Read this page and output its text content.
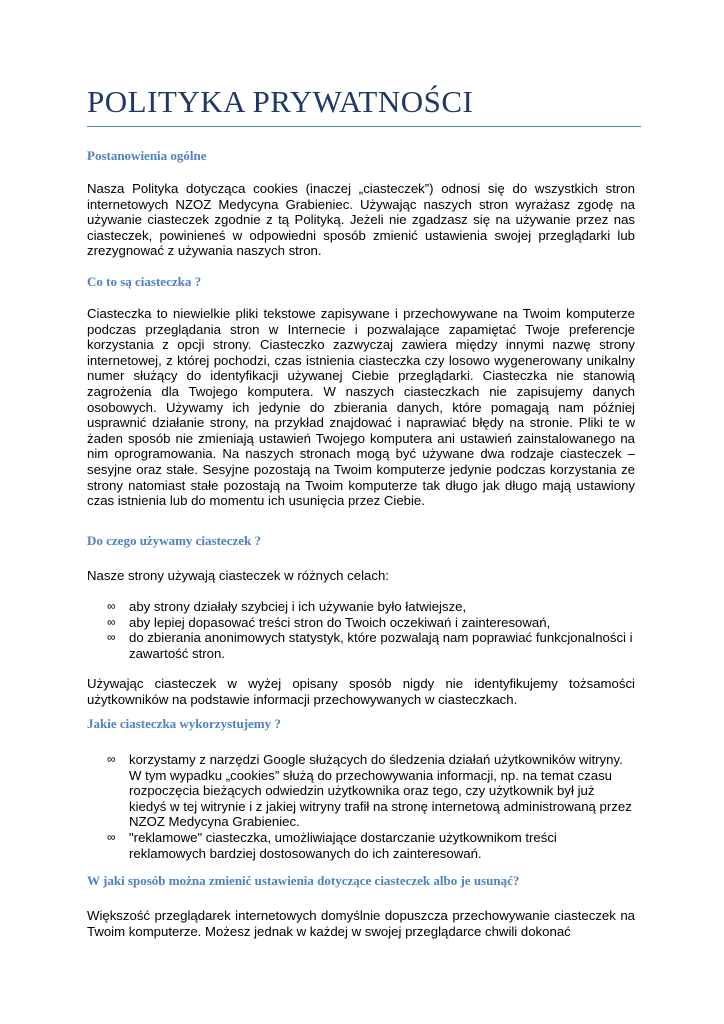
POLITYKA PRYWATNOŚCI
Postanowienia ogólne

Nasza Polityka dotycząca cookies (inaczej „ciasteczek”) odnosi się do wszystkich stron internetowych NZOZ Medycyna Grabieniec. Używając naszych stron wyrażasz zgodę na używanie ciasteczek zgodnie z tą Polityką. Jeżeli nie zgadzasz się na używanie przez nas ciasteczek, powinieneś w odpowiedni sposób zmienić ustawienia swojej przeglądarki lub zrezygnować z używania naszych stron.

Co to są ciasteczka ?

Ciasteczka to niewielkie pliki tekstowe zapisywane i przechowywane na Twoim komputerze podczas przeglądania stron w Internecie i pozwalające zapamiętać Twoje preferencje korzystania z opcji strony. Ciasteczko zazwyczaj zawiera między innymi nazwę strony internetowej, z której pochodzi, czas istnienia ciasteczka czy losowo wygenerowany unikalny numer służący do identyfikacji używanej Ciebie przeglądarki. Ciasteczka nie stanowią zagrożenia dla Twojego komputera. W naszych ciasteczkach nie zapisujemy danych osobowych. Używamy ich jedynie do zbierania danych, które pomagają nam później usprawnić działanie strony, na przykład znajdować i naprawiać błędy na stronie. Pliki te w żaden sposób nie zmieniają ustawień Twojego komputera ani ustawień zainstalowanego na nim oprogramowania. Na naszych stronach mogą być używane dwa rodzaje ciasteczek – sesyjne oraz stałe. Sesyjne pozostają na Twoim komputerze jedynie podczas korzystania ze strony natomiast stałe pozostają na Twoim komputerze tak długo jak długo mają ustawiony czas istnienia lub do momentu ich usunięcia przez Ciebie.

Do czego używamy ciasteczek ?

Nasze strony używają ciasteczek w różnych celach:

∞ aby strony działały szybciej i ich używanie było łatwiejsze,
∞ aby lepiej dopasować treści stron do Twoich oczekiwań i zainteresowań,
∞ do zbierania anonimowych statystyk, które pozwalają nam poprawiać funkcjonalności i zawartość stron.

Używając ciasteczek w wyżej opisany sposób nigdy nie identyfikujemy tożsamości użytkowników na podstawie informacji przechowywanych w ciasteczkach.

Jakie ciasteczka wykorzystujemy ?
∞ korzystamy z narzędzi Google służących do śledzenia działań użytkowników witryny. W tym wypadku „cookies” służą do przechowywania informacji, np. na temat czasu rozpoczęcia bieżących odwiedzin użytkownika oraz tego, czy użytkownik był już kiedyś w tej witrynie i z jakiej witryny trafił na stronę internetową administrowaną przez NZOZ Medycyna Grabieniec.
∞ "reklamowe" ciasteczka, umożliwiające dostarczanie użytkownikom treści reklamowych bardziej dostosowanych do ich zainteresowań.
W jaki sposób można zmienić ustawienia dotyczące ciasteczek albo je usunąć?

Większość przeglądarek internetowych domyślnie dopuszcza przechowywanie ciasteczek na Twoim komputerze. Możesz jednak w każdej w swojej przeglądarce chwili dokonać
